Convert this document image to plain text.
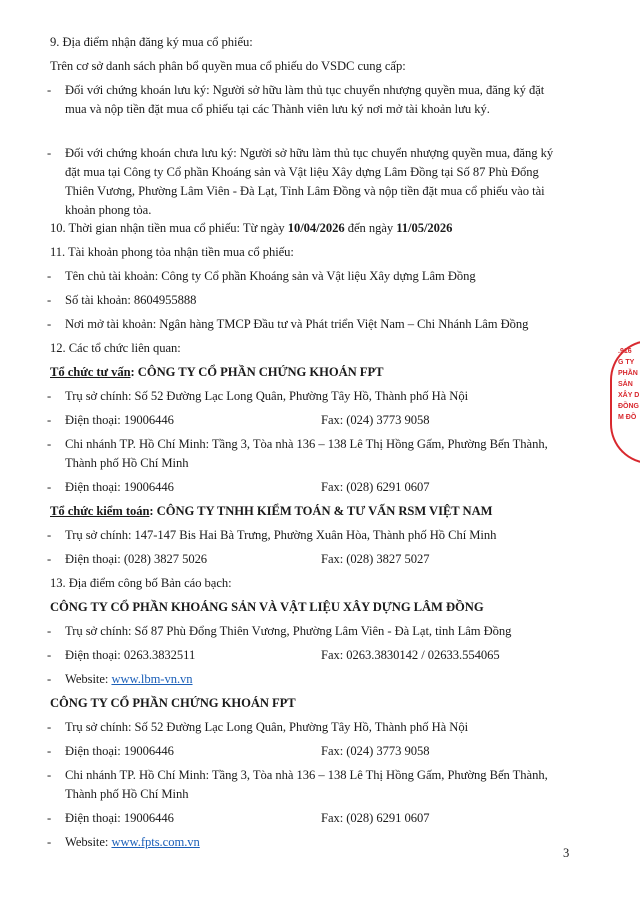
9. Địa điểm nhận đăng ký mua cổ phiếu:
Trên cơ sở danh sách phân bổ quyền mua cổ phiếu do VSDC cung cấp:
- Đối với chứng khoán lưu ký: Người sở hữu làm thủ tục chuyển nhượng quyền mua, đăng ký đặt
mua và nộp tiền đặt mua cổ phiếu tại các Thành viên lưu ký nơi mở tài khoản lưu ký.
- Đối với chứng khoán chưa lưu ký: Người sở hữu làm thủ tục chuyển nhượng quyền mua, đăng ký
đặt mua tại Công ty Cổ phần Khoáng sản và Vật liệu Xây dựng Lâm Đồng tại Số 87 Phù Đổng
Thiên Vương, Phường Lâm Viên - Đà Lạt, Tỉnh Lâm Đồng và nộp tiền đặt mua cổ phiếu vào tài
khoản phong tỏa.
10. Thời gian nhận tiền mua cổ phiếu: Từ ngày 10/04/2026 đến ngày 11/05/2026
11. Tài khoản phong tỏa nhận tiền mua cổ phiếu:
- Tên chủ tài khoản: Công ty Cổ phần Khoáng sản và Vật liệu Xây dựng Lâm Đồng
- Số tài khoản: 8604955888
- Nơi mở tài khoản: Ngân hàng TMCP Đầu tư và Phát triển Việt Nam – Chi Nhánh Lâm Đồng
12. Các tổ chức liên quan:
Tổ chức tư vấn: CÔNG TY CỔ PHẦN CHỨNG KHOÁN FPT
- Trụ sở chính: Số 52 Đường Lạc Long Quân, Phường Tây Hồ, Thành phố Hà Nội
- Điện thoại: 19006446	Fax: (024) 3773 9058
- Chi nhánh TP. Hồ Chí Minh: Tầng 3, Tòa nhà 136 – 138 Lê Thị Hồng Gấm, Phường Bến Thành,
Thành phố Hồ Chí Minh
- Điện thoại: 19006446	Fax: (028) 6291 0607
Tổ chức kiểm toán: CÔNG TY TNHH KIỂM TOÁN & TƯ VẤN RSM VIỆT NAM
- Trụ sở chính: 147-147 Bis Hai Bà Trưng, Phường Xuân Hòa, Thành phố Hồ Chí Minh
- Điện thoại: (028) 3827 5026	Fax: (028) 3827 5027
13. Địa điểm công bố Bản cáo bạch:
CÔNG TY CỔ PHẦN KHOÁNG SẢN VÀ VẬT LIỆU XÂY DỰNG LÂM ĐỒNG
- Trụ sở chính: Số 87 Phù Đổng Thiên Vương, Phường Lâm Viên - Đà Lạt, tỉnh Lâm Đồng
- Điện thoại: 0263.3832511	Fax: 0263.3830142 / 02633.554065
- Website: www.lbm-vn.vn
CÔNG TY CỔ PHẦN CHỨNG KHOÁN FPT
- Trụ sở chính: Số 52 Đường Lạc Long Quân, Phường Tây Hồ, Thành phố Hà Nội
- Điện thoại: 19006446	Fax: (024) 3773 9058
- Chi nhánh TP. Hồ Chí Minh: Tầng 3, Tòa nhà 136 – 138 Lê Thị Hồng Gấm, Phường Bến Thành,
Thành phố Hồ Chí Minh
- Điện thoại: 19006446	Fax: (028) 6291 0607
- Website: www.fpts.com.vn
3
.916
G TY
PHẦN
SẢN
XÂY D
ĐỒNG
M ĐỒ
